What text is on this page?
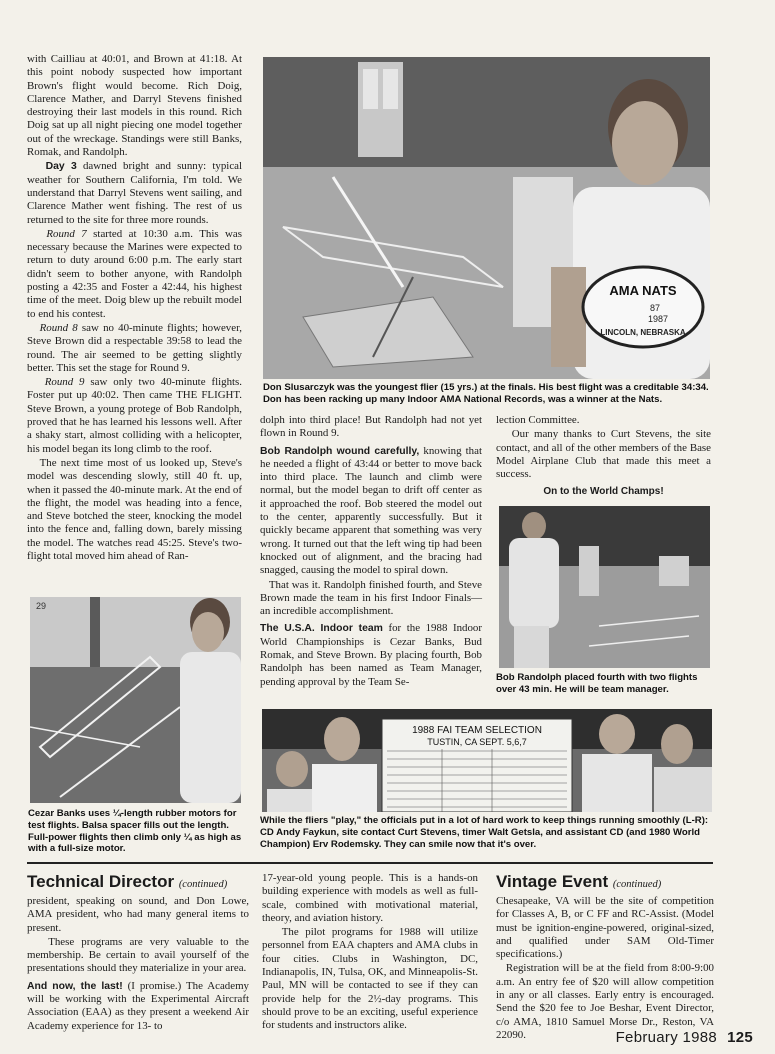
with Cailliau at 40:01, and Brown at 41:18. At this point nobody suspected how important Brown's flight would become. Rich Doig, Clarence Mather, and Darryl Stevens finished destroying their last models in this round. Rich Doig sat up all night piecing one model together out of the wreckage. Standings were still Banks, Romak, and Randolph.

Day 3 dawned bright and sunny: typical weather for Southern California, I'm told. We understand that Darryl Stevens went sailing, and Clarence Mather went fishing. The rest of us returned to the site for three more rounds.

Round 7 started at 10:30 a.m. This was necessary because the Marines were expected to return to duty around 6:00 p.m. The early start didn't seem to bother anyone, with Randolph posting a 42:35 and Foster a 42:44, his highest time of the meet. Doig blew up the rebuilt model to end his contest.

Round 8 saw no 40-minute flights; however, Steve Brown did a respectable 39:58 to lead the round. The air seemed to be getting slightly better. This set the stage for Round 9.

Round 9 saw only two 40-minute flights. Foster put up 40:02. Then came THE FLIGHT. Steve Brown, a young protege of Bob Randolph, proved that he has learned his lessons well. After a shaky start, almost colliding with a helicopter, his model began its long climb to the roof.

The next time most of us looked up, Steve's model was descending slowly, still 40 ft. up, when it passed the 40-minute mark. At the end of the flight, the model was heading into a fence, and Steve botched the steer, knocking the model into the fence and, falling down, barely missing the model. The watches read 45:25. Steve's two-flight total moved him ahead of Ran-

AMA NATS
87
1987
LINCOLN, NEBRASKA
Don Slusarczyk was the youngest flier (15 yrs.) at the finals. His best flight was a creditable 34:34. Don has been racking up many Indoor AMA National Records, was a winner at the Nats.

dolph into third place! But Randolph had not yet flown in Round 9.

Bob Randolph wound carefully, knowing that he needed a flight of 43:44 or better to move back into third place. The launch and climb were normal, but the model began to drift off center as it approached the roof. Bob steered the model out to the center, apparently successfully. But it quickly became apparent that something was very wrong. It turned out that the left wing tip had been knocked out of alignment, and the bracing had snagged, causing the model to spiral down.

That was it. Randolph finished fourth, and Steve Brown made the team in his first Indoor Finals—an incredible accomplishment.

The U.S.A. Indoor team for the 1988 Indoor World Championships is Cezar Banks, Bud Romak, and Steve Brown. By placing fourth, Bob Randolph has been named as Team Manager, pending approval by the Team Se-

lection Committee.

Our many thanks to Curt Stevens, the site contact, and all of the other members of the Base Model Airplane Club that made this meet a success.

On to the World Champs!
Bob Randolph placed fourth with two flights over 43 min. He will be team manager.
29
Cezar Banks uses ¼-length rubber motors for test flights. Balsa spacer fills out the length. Full-power flights then climb only ¼ as high as with a full-size motor.
1988 FAI TEAM SELECTION
TUSTIN, CA SEPT. 5,6,7
While the fliers "play," the officials put in a lot of hard work to keep things running smoothly (L-R): CD Andy Faykun, site contact Curt Stevens, timer Walt Getsla, and assistant CD (and 1980 World Champion) Erv Rodemsky. They can smile now that it's over.
Technical Director (continued)

president, speaking on sound, and Don Lowe, AMA president, who had many general items to present.

These programs are very valuable to the membership. Be certain to avail yourself of the presentations should they materialize in your area.

And now, the last! (I promise.) The Academy will be working with the Experimental Aircraft Association (EAA) as they present a weekend Air Academy experience for 13- to

17-year-old young people. This is a hands-on building experience with models as well as full-scale, combined with motivational material, theory, and aviation history.

The pilot programs for 1988 will utilize personnel from EAA chapters and AMA clubs in four cities. Clubs in Washington, DC, Indianapolis, IN, Tulsa, OK, and Minneapolis-St. Paul, MN will be contacted to see if they can provide help for the 2½-day programs. This should prove to be an exciting, useful experience for students and instructors alike.

Vintage Event (continued)

Chesapeake, VA will be the site of competition for Classes A, B, or C FF and RC-Assist. (Model must be ignition-engine-powered, original-sized, and qualified under SAM Old-Timer specifications.)

Registration will be at the field from 8:00-9:00 a.m. An entry fee of $20 will allow competition in any or all classes. Early entry is encouraged. Send the $20 fee to Joe Beshar, Event Director, c/o AMA, 1810 Samuel Morse Dr., Reston, VA 22090.	February 1988 125
